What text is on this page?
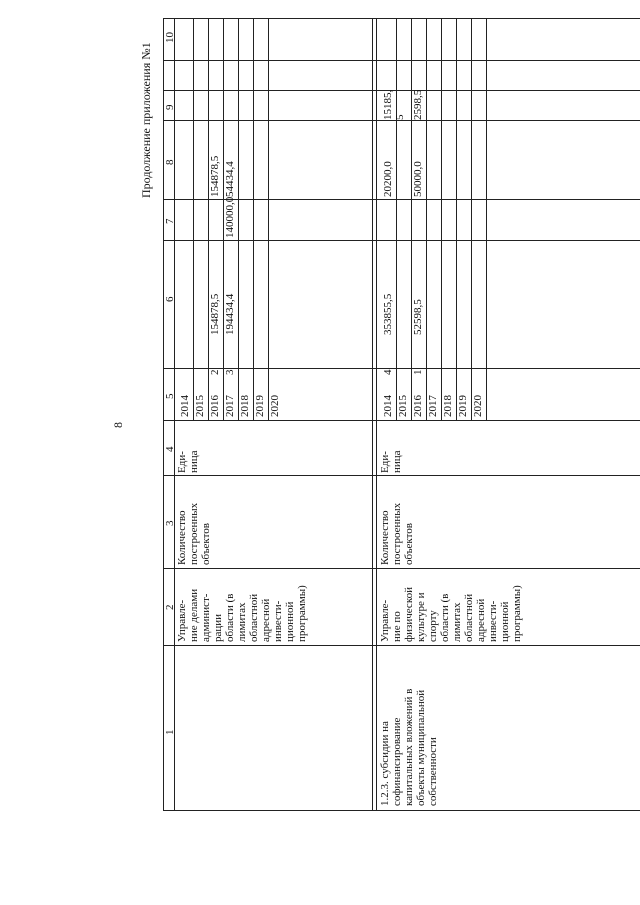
8
Продолжение приложения №1
10
9
8
7
6
5
4
3
2
1
Управле-
ние делами
админист-
рации
области (в
лимитах
областной
адресной
инвести-
ционной
программы)
Количество
построенных
объектов
Еди-
ница
2014 2015 2016 2017 2018 2019 2020
2 3
154878,5 194434,4
140000,0
154878,5 54434,4
1.2.3. субсидии на
софинансирование
капитальных вложений в
объекты муниципальной
собственности
Управле-
ние по
физической
культуре и
спорту
области (в
лимитах
областной
адресной
инвести-
ционной
программы)
Количество
построенных
объектов
Еди-
ница
2014 2015 2016 2017 2018 2019 2020
4 1
353855,5 52598,5
20200,0 50000,0
15185,
5 2598,5
